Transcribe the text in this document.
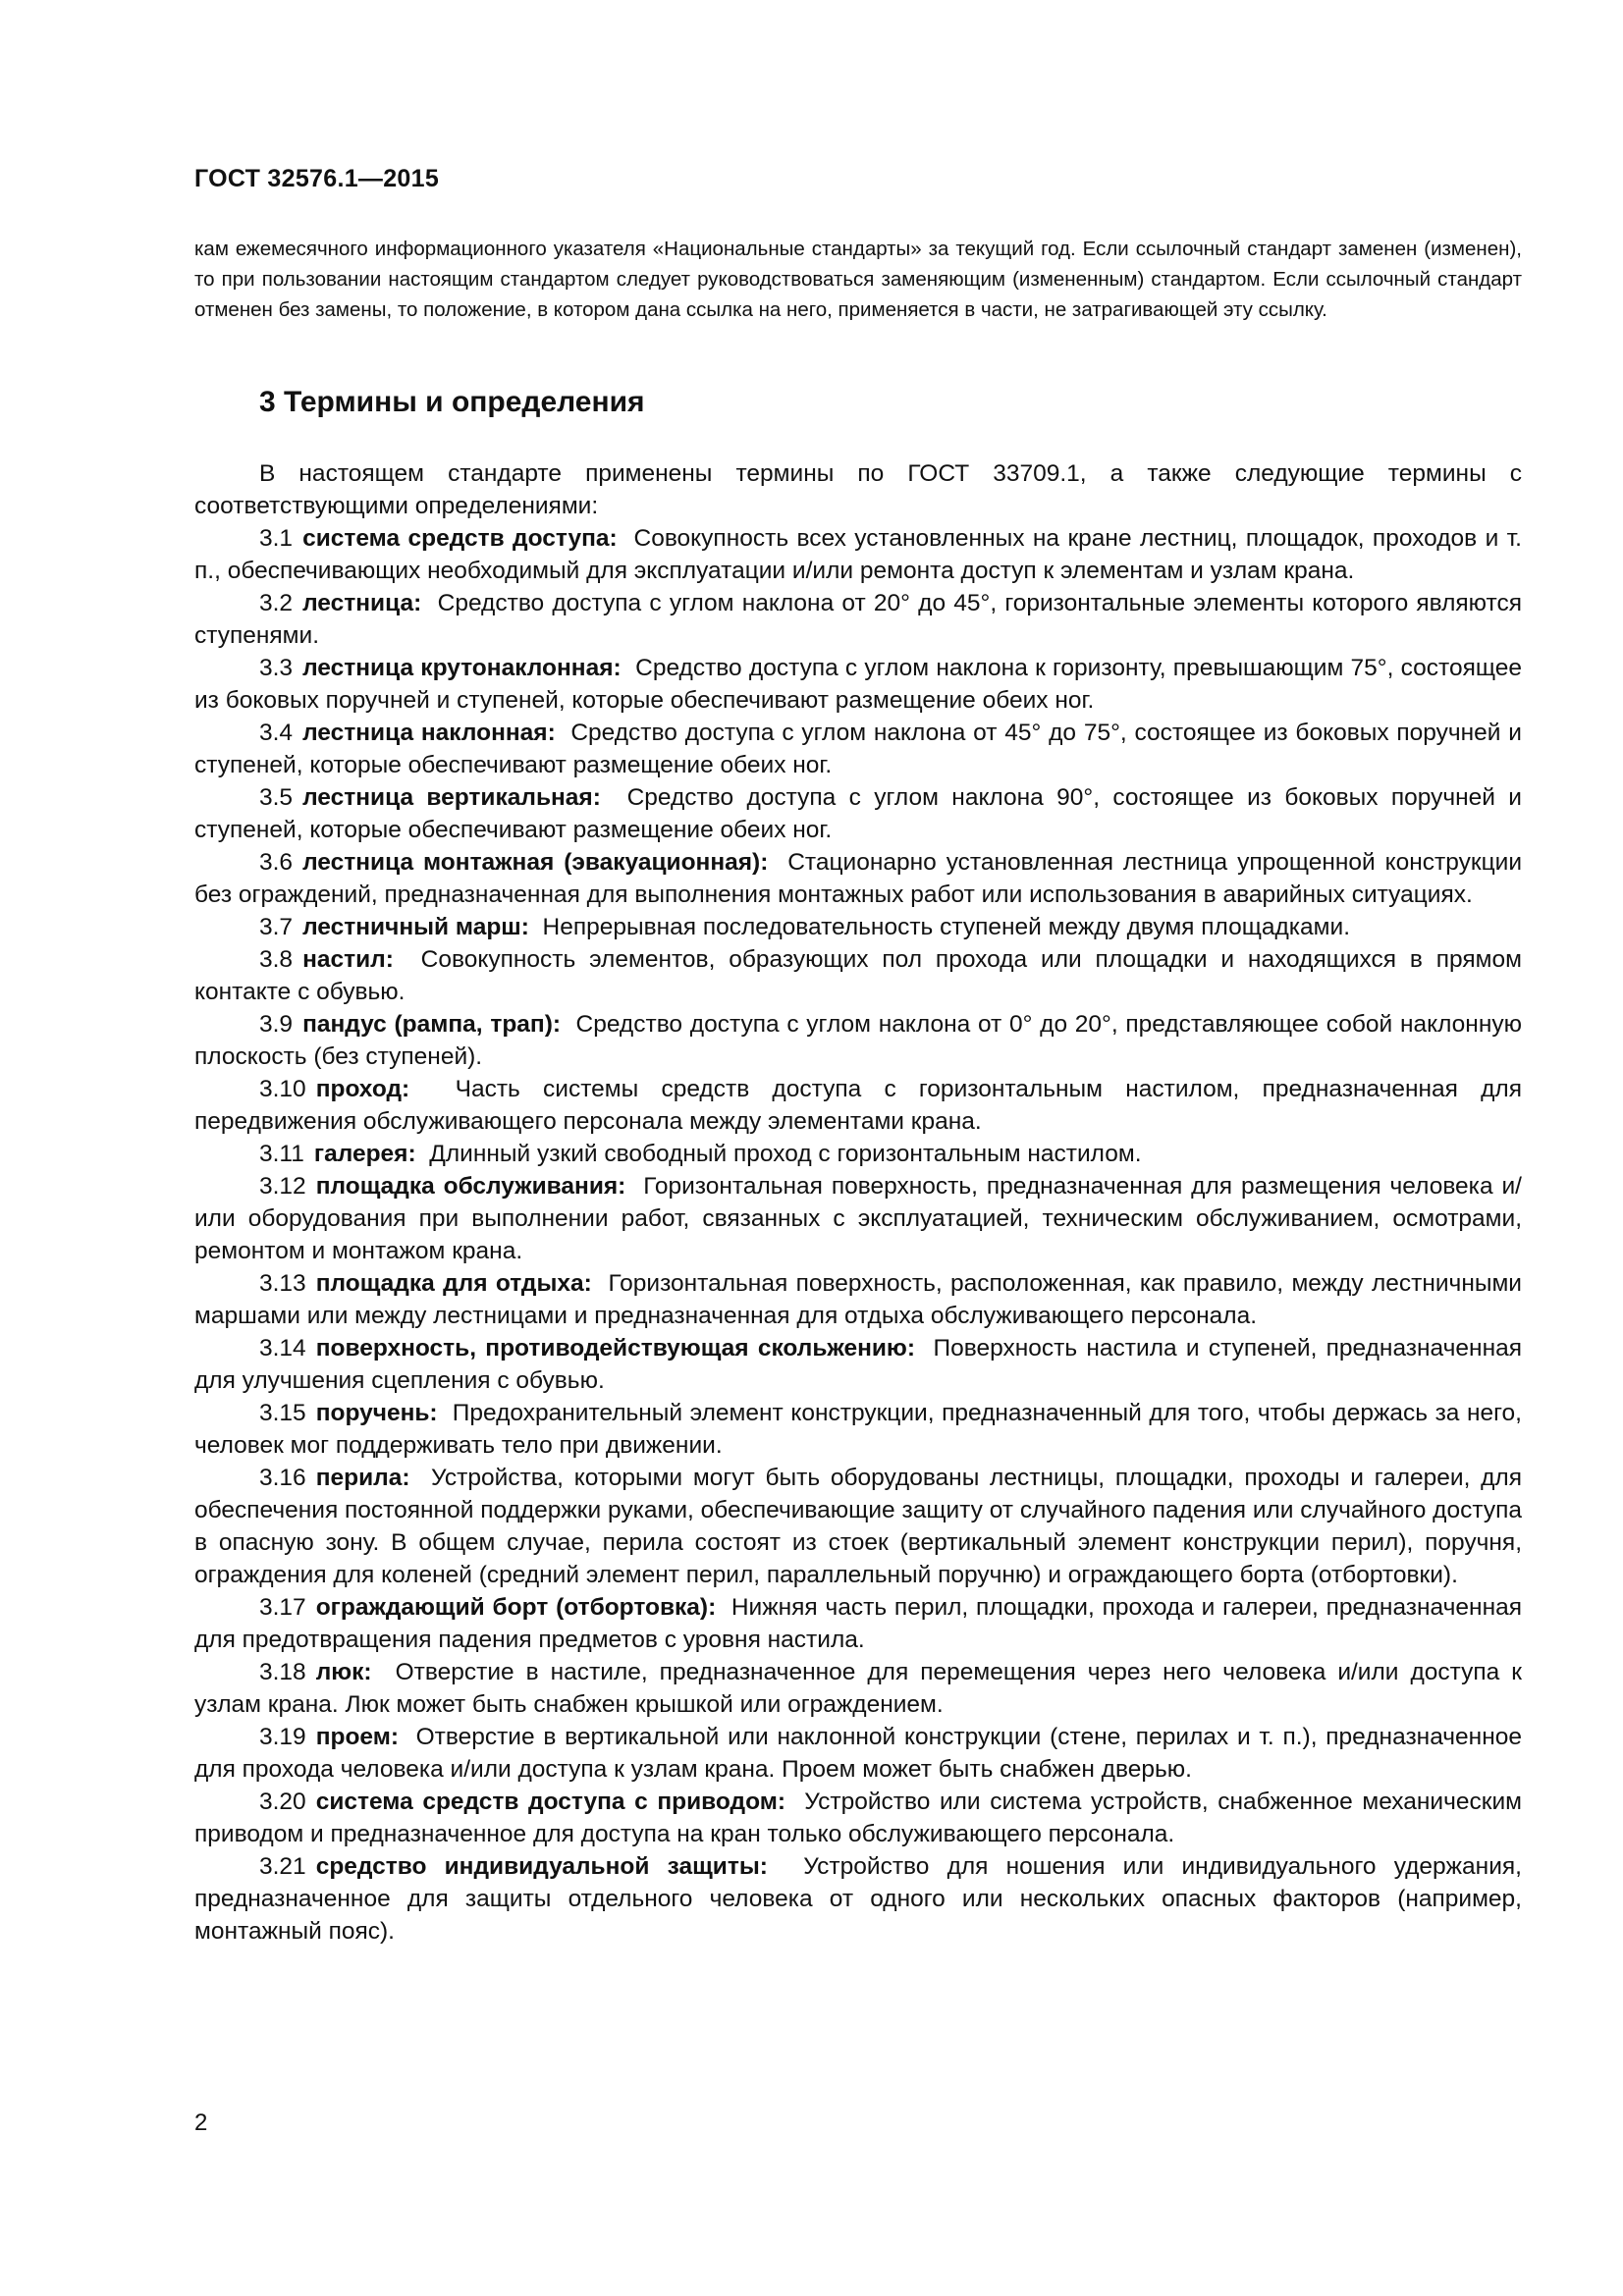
ГОСТ 32576.1—2015
кам ежемесячного информационного указателя «Национальные стандарты» за текущий год. Если ссылочный стандарт заменен (изменен), то при пользовании настоящим стандартом следует руководствоваться заменяющим (измененным) стандартом. Если ссылочный стандарт отменен без замены, то положение, в котором дана ссылка на него, применяется в части, не затрагивающей эту ссылку.
3 Термины и определения

В настоящем стандарте применены термины по ГОСТ 33709.1, а также следующие термины с соответствующими определениями:

3.1 система средств доступа: Совокупность всех установленных на кране лестниц, площадок, проходов и т. п., обеспечивающих необходимый для эксплуатации и/или ремонта доступ к элементам и узлам крана.

3.2 лестница: Средство доступа с углом наклона от 20° до 45°, горизонтальные элементы которого являются ступенями.

3.3 лестница крутонаклонная: Средство доступа с углом наклона к горизонту, превышающим 75°, состоящее из боковых поручней и ступеней, которые обеспечивают размещение обеих ног.

3.4 лестница наклонная: Средство доступа с углом наклона от 45° до 75°, состоящее из боковых поручней и ступеней, которые обеспечивают размещение обеих ног.

3.5 лестница вертикальная: Средство доступа с углом наклона 90°, состоящее из боковых поручней и ступеней, которые обеспечивают размещение обеих ног.

3.6 лестница монтажная (эвакуационная): Стационарно установленная лестница упрощенной конструкции без ограждений, предназначенная для выполнения монтажных работ или использования в аварийных ситуациях.

3.7 лестничный марш: Непрерывная последовательность ступеней между двумя площадками.

3.8 настил: Совокупность элементов, образующих пол прохода или площадки и находящихся в прямом контакте с обувью.

3.9 пандус (рампа, трап): Средство доступа с углом наклона от 0° до 20°, представляющее собой наклонную плоскость (без ступеней).

3.10 проход: Часть системы средств доступа с горизонтальным настилом, предназначенная для передвижения обслуживающего персонала между элементами крана.

3.11 галерея: Длинный узкий свободный проход с горизонтальным настилом.

3.12 площадка обслуживания: Горизонтальная поверхность, предназначенная для размещения человека и/или оборудования при выполнении работ, связанных с эксплуатацией, техническим обслуживанием, осмотрами, ремонтом и монтажом крана.

3.13 площадка для отдыха: Горизонтальная поверхность, расположенная, как правило, между лестничными маршами или между лестницами и предназначенная для отдыха обслуживающего персонала.

3.14 поверхность, противодействующая скольжению: Поверхность настила и ступеней, предназначенная для улучшения сцепления с обувью.

3.15 поручень: Предохранительный элемент конструкции, предназначенный для того, чтобы держась за него, человек мог поддерживать тело при движении.

3.16 перила: Устройства, которыми могут быть оборудованы лестницы, площадки, проходы и галереи, для обеспечения постоянной поддержки руками, обеспечивающие защиту от случайного падения или случайного доступа в опасную зону. В общем случае, перила состоят из стоек (вертикальный элемент конструкции перил), поручня, ограждения для коленей (средний элемент перил, параллельный поручню) и ограждающего борта (отбортовки).

3.17 ограждающий борт (отбортовка): Нижняя часть перил, площадки, прохода и галереи, предназначенная для предотвращения падения предметов с уровня настила.

3.18 люк: Отверстие в настиле, предназначенное для перемещения через него человека и/или доступа к узлам крана. Люк может быть снабжен крышкой или ограждением.

3.19 проем: Отверстие в вертикальной или наклонной конструкции (стене, перилах и т. п.), предназначенное для прохода человека и/или доступа к узлам крана. Проем может быть снабжен дверью.

3.20 система средств доступа с приводом: Устройство или система устройств, снабженное механическим приводом и предназначенное для доступа на кран только обслуживающего персонала.

3.21 средство индивидуальной защиты: Устройство для ношения или индивидуального удержания, предназначенное для защиты отдельного человека от одного или нескольких опасных факторов (например, монтажный пояс).

2
